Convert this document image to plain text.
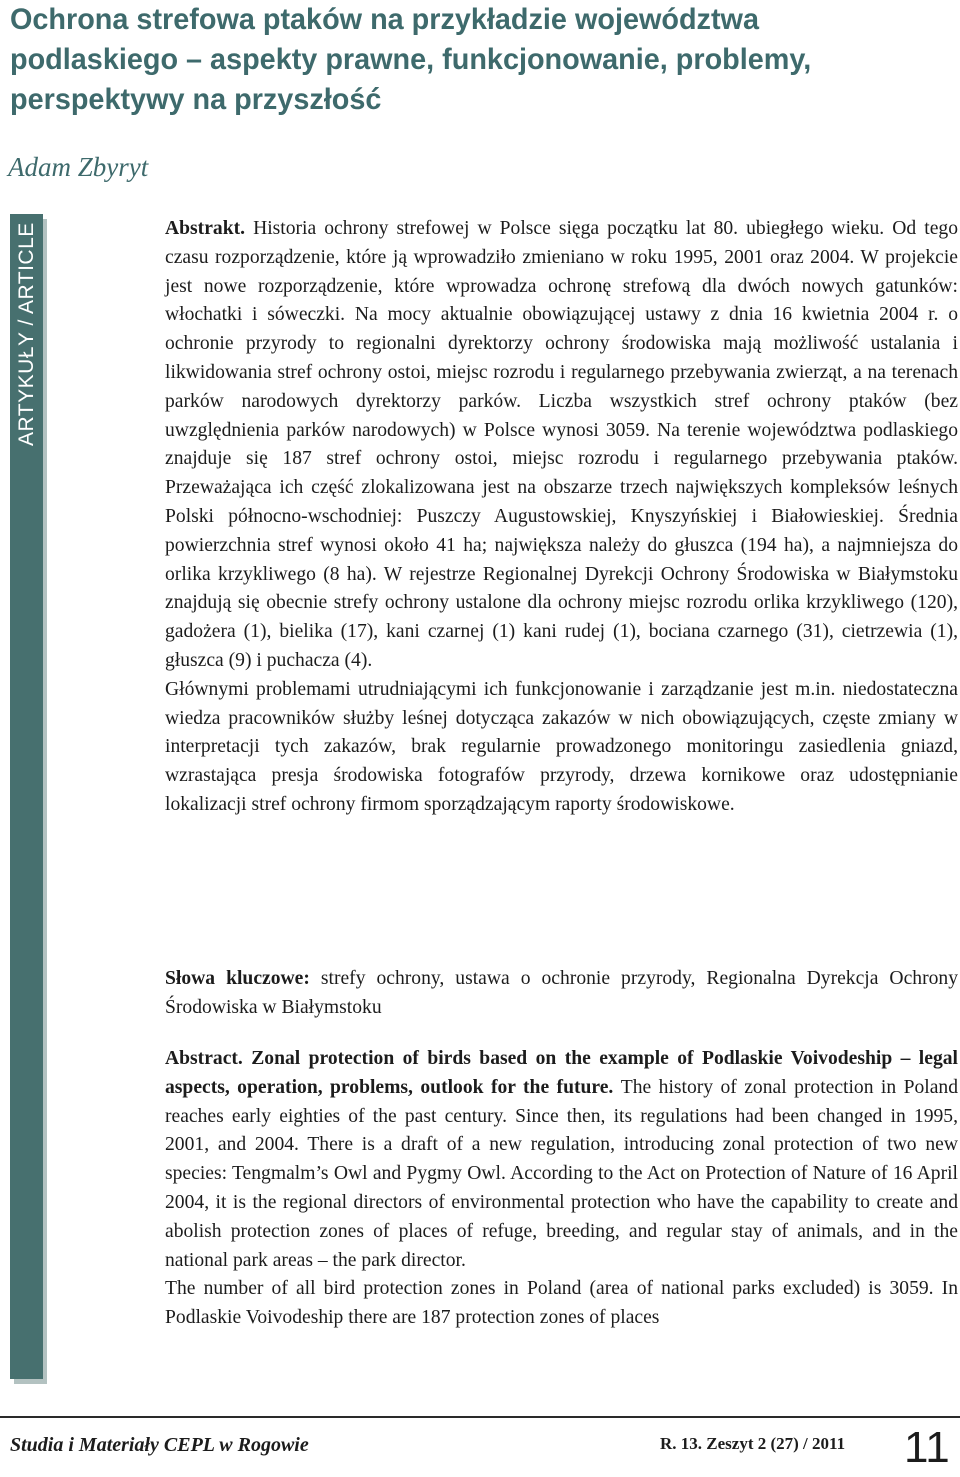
Ochrona strefowa ptaków na przykładzie województwa
podlaskiego – aspekty prawne, funkcjonowanie, problemy,
perspektywy na przyszłość
Adam Zbyryt
ARTYKUŁY / ARTICLE	Abstrakt. Historia ochrony strefowej w Polsce sięga początku lat 80. ubiegłego wieku. Od tego czasu rozporządzenie, które ją wprowadziło zmieniano w roku 1995, 2001 oraz 2004. W projekcie jest nowe rozporządzenie, które wprowadza ochronę strefową dla dwóch nowych gatunków: włochatki i sóweczki. Na mocy aktualnie obowiązującej ustawy z dnia 16 kwietnia 2004 r. o ochronie przyrody to regionalni dyrektorzy ochrony środowiska mają możliwość ustalania i likwidowania stref ochrony ostoi, miejsc rozrodu i regularnego przebywania zwierząt, a na terenach parków narodowych dyrektorzy parków. Liczba wszystkich stref ochrony ptaków (bez uwzględnienia parków narodowych) w Polsce wynosi 3059. Na terenie województwa podlaskiego znajduje się 187 stref ochrony ostoi, miejsc rozrodu i regularnego przebywania ptaków. Przeważająca ich część zlokalizowana jest na obszarze trzech największych kompleksów leśnych Polski północno-wschodniej: Puszczy Augustowskiej, Knyszyńskiej i Białowieskiej. Średnia powierzchnia stref wynosi około 41 ha; największa należy do głuszca (194 ha), a najmniejsza do orlika krzykliwego (8 ha). W rejestrze Regionalnej Dyrekcji Ochrony Środowiska w Białymstoku znajdują się obecnie strefy ochrony ustalone dla ochrony miejsc rozrodu orlika krzykliwego (120), gadożera (1), bielika (17), kani czarnej (1) kani rudej (1), bociana czarnego (31), cietrzewia (1), głuszca (9) i puchacza (4).
Głównymi problemami utrudniającymi ich funkcjonowanie i zarządzanie jest m.in. niedostateczna wiedza pracowników służby leśnej dotycząca zakazów w nich obowiązujących, częste zmiany w interpretacji tych zakazów, brak regularnie prowadzonego monitoringu zasiedlenia gniazd, wzrastająca presja środowiska fotografów przyrody, drzewa kornikowe oraz udostępnianie lokalizacji stref ochrony firmom sporządzającym raporty środowiskowe.
Słowa kluczowe: strefy ochrony, ustawa o ochronie przyrody, Regionalna Dyrekcja Ochrony Środowiska w Białymstoku
Abstract. Zonal protection of birds based on the example of Podlaskie Voivodeship – legal aspects, operation, problems, outlook for the future. The history of zonal protection in Poland reaches early eighties of the past century. Since then, its regulations had been changed in 1995, 2001, and 2004. There is a draft of a new regulation, introducing zonal protection of two new species: Tengmalm’s Owl and Pygmy Owl. According to the Act on Protection of Nature of 16 April 2004, it is the regional directors of environmental protection who have the capability to create and abolish protection zones of places of refuge, breeding, and regular stay of animals, and in the national park areas – the park director.
The number of all bird protection zones in Poland (area of national parks excluded) is 3059. In Podlaskie Voivodeship there are 187 protection zones of places
Studia i Materiały CEPL w Rogowie	R. 13. Zeszyt 2 (27) / 2011 11
